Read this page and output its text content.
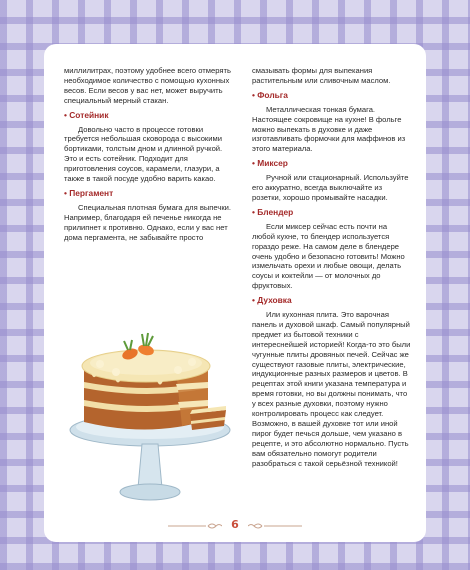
миллилитрах, поэтому удобнее всего отмерять необходимое количество с помощью кухонных весов. Если весов у вас нет, может выручить специальный мерный стакан.

• Сотейник

Довольно часто в процессе готовки требуется небольшая сковорода с высокими бортиками, толстым дном и длинной ручкой. Это и есть сотейник. Подходит для приготовления соусов, карамели, глазури, а также в такой посуде удобно варить какао.

• Пергамент

Специальная плотная бумага для выпечки. Например, благодаря ей печенье никогда не прилипнет к противню. Однако, если у вас нет дома пергамента, не забывайте просто

смазывать формы для выпекания растительным или сливочным маслом.

• Фольга

Металлическая тонкая бумага. Настоящее сокровище на кухне! В фольге можно выпекать в духовке и даже изготавливать формочки для маффинов из этого материала.

• Миксер

Ручной или стационарный. Используйте его аккуратно, всегда выключайте из розетки, хорошо промывайте насадки.

• Блендер

Если миксер сейчас есть почти на любой кухне, то блендер используется гораздо реже. На самом деле в блендере очень удобно и безопасно готовить! Можно измельчать орехи и любые овощи, делать соусы и коктейли — от молочных до фруктовых.

• Духовка

Или кухонная плита. Это варочная панель и духовой шкаф. Самый популярный предмет из бытовой техники с интереснейшей историей! Когда-то это были чугунные плиты дровяных печей. Сейчас же существуют газовые плиты, электрические, индукционные разных размеров и цветов. В рецептах этой книги указана температура и время готовки, но вы должны понимать, что у всех разные духовки, поэтому нужно контролировать процесс как следует. Возможно, в вашей духовке тот или иной пирог будет печься дольше, чем указано в рецепте, и это абсолютно нормально. Пусть вам обязательно помогут родители разобраться с такой серьёзной техникой!

6
